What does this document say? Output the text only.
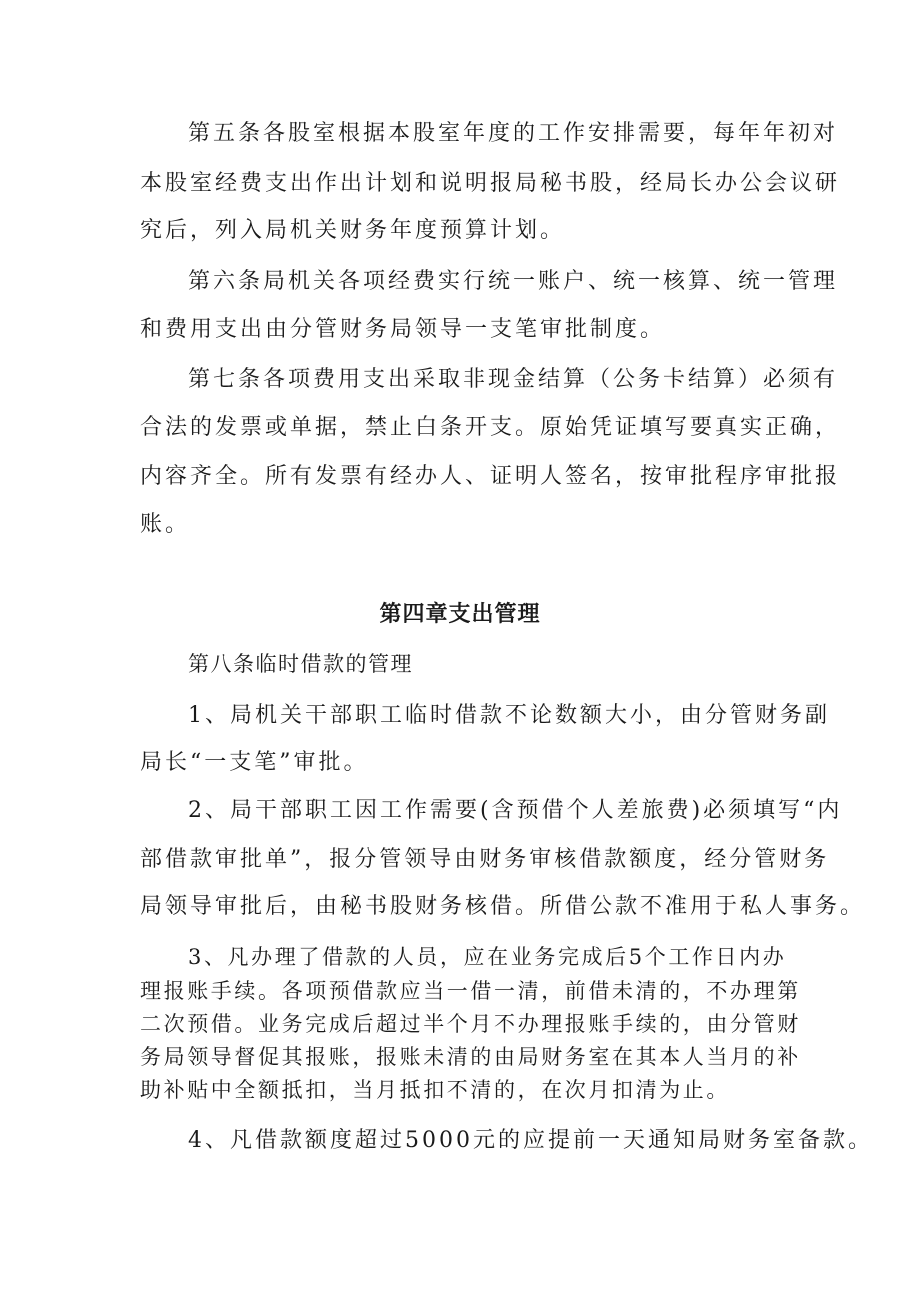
第五条各股室根据本股室年度的工作安排需要，每年年初对
本股室经费支出作出计划和说明报局秘书股，经局长办公会议研
究后，列入局机关财务年度预算计划。
第六条局机关各项经费实行统一账户、统一核算、统一管理
和费用支出由分管财务局领导一支笔审批制度。
第七条各项费用支出采取非现金结算（公务卡结算）必须有
合法的发票或单据，禁止白条开支。原始凭证填写要真实正确，
内容齐全。所有发票有经办人、证明人签名，按审批程序审批报
账。
第四章支出管理
第八条临时借款的管理
1、局机关干部职工临时借款不论数额大小，由分管财务副
局长“一支笔”审批。
2、局干部职工因工作需要(含预借个人差旅费)必须填写“内
部借款审批单”，报分管领导由财务审核借款额度，经分管财务
局领导审批后，由秘书股财务核借。所借公款不准用于私人事务。
3、凡办理了借款的人员，应在业务完成后5个工作日内办
理报账手续。各项预借款应当一借一清，前借未清的，不办理第
二次预借。业务完成后超过半个月不办理报账手续的，由分管财
务局领导督促其报账，报账未清的由局财务室在其本人当月的补
助补贴中全额抵扣，当月抵扣不清的，在次月扣清为止。
4、凡借款额度超过5000元的应提前一天通知局财务室备款。
